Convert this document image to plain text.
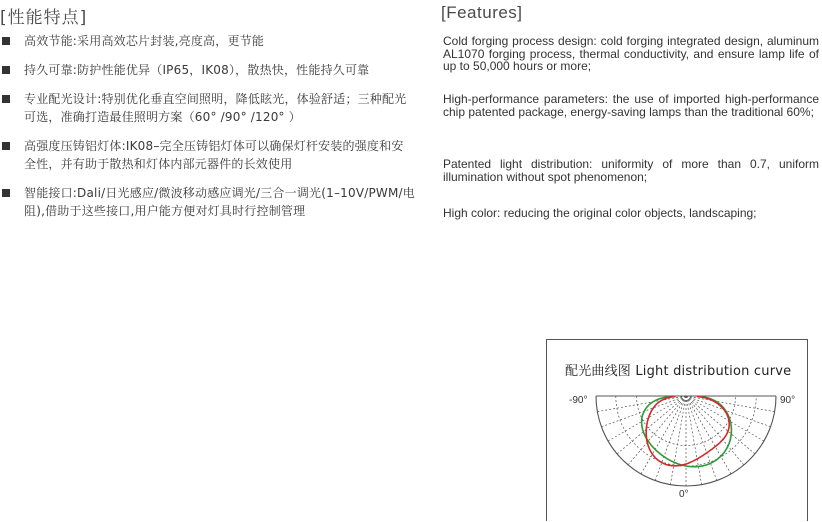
[性能特点]
高效节能:采用高效芯片封装,亮度高，更节能
持久可靠:防护性能优异（IP65，IK08），散热快，性能持久可靠
专业配光设计:特别优化垂直空间照明，降低眩光，体验舒适；三种配光可选，准确打造最佳照明方案（60° /90° /120° ）
高强度压铸铝灯体:IK08–完全压铸铝灯体可以确保灯杆安装的强度和安全性，并有助于散热和灯体内部元器件的长效使用
智能接口:Dali/日光感应/微波移动感应调光/三合一调光(1–10V/PWM/电阻),借助于这些接口,用户能方便对灯具时行控制管理
[Features]

Cold forging process design: cold forging integrated design, aluminum AL1070 forging process, thermal conductivity, and ensure lamp life of up to 50,000 hours or more;

High-performance parameters: the use of imported high-performance chip patented package, energy-saving lamps than the traditional 60%;

Patented light distribution: uniformity of more than 0.7, uniform illumination without spot phenomenon;

High color: reducing the original color objects, landscaping;

配光曲线图 Light distribution curve
-90°	90°
0°
